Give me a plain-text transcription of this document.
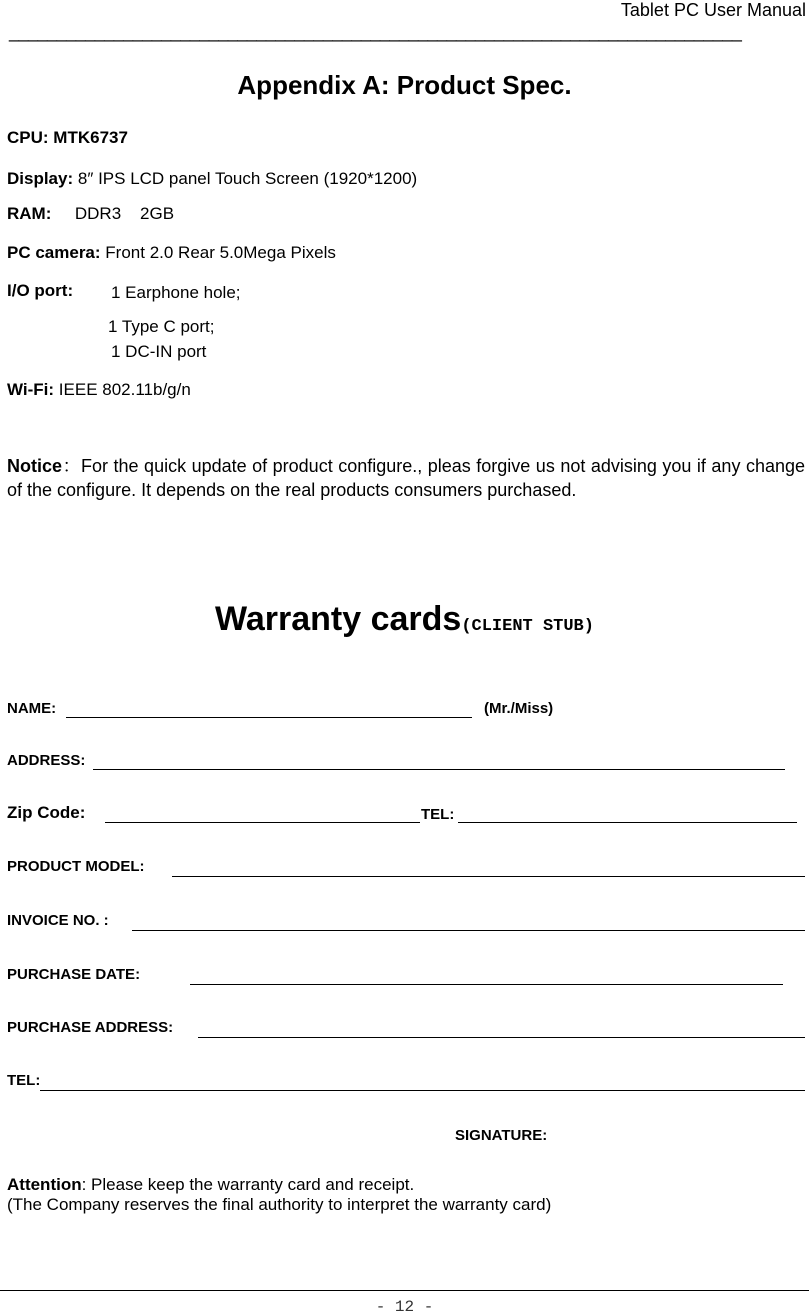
Tablet PC User Manual
_____________________________________________________________________________
Appendix A: Product Spec.
CPU: MTK6737
Display: 8″ IPS LCD panel Touch Screen (1920*1200)
RAM: DDR3    2GB
PC camera: Front 2.0 Rear 5.0Mega Pixels
I/O port: 1 Earphone hole;
1 Type C port;
1 DC-IN port
Wi-Fi: IEEE 802.11b/g/n
Notice：For the quick update of product configure., pleas forgive us not advising you if any change of the configure. It depends on the real products consumers purchased.
Warranty cards(CLIENT STUB)
NAME:	(Mr./Miss)
ADDRESS:
Zip Code:	TEL:
PRODUCT MODEL:
INVOICE NO. :
PURCHASE DATE:
PURCHASE ADDRESS:
TEL:
SIGNATURE:
Attention: Please keep the warranty card and receipt.
(The Company reserves the final authority to interpret the warranty card)
- 12 -
